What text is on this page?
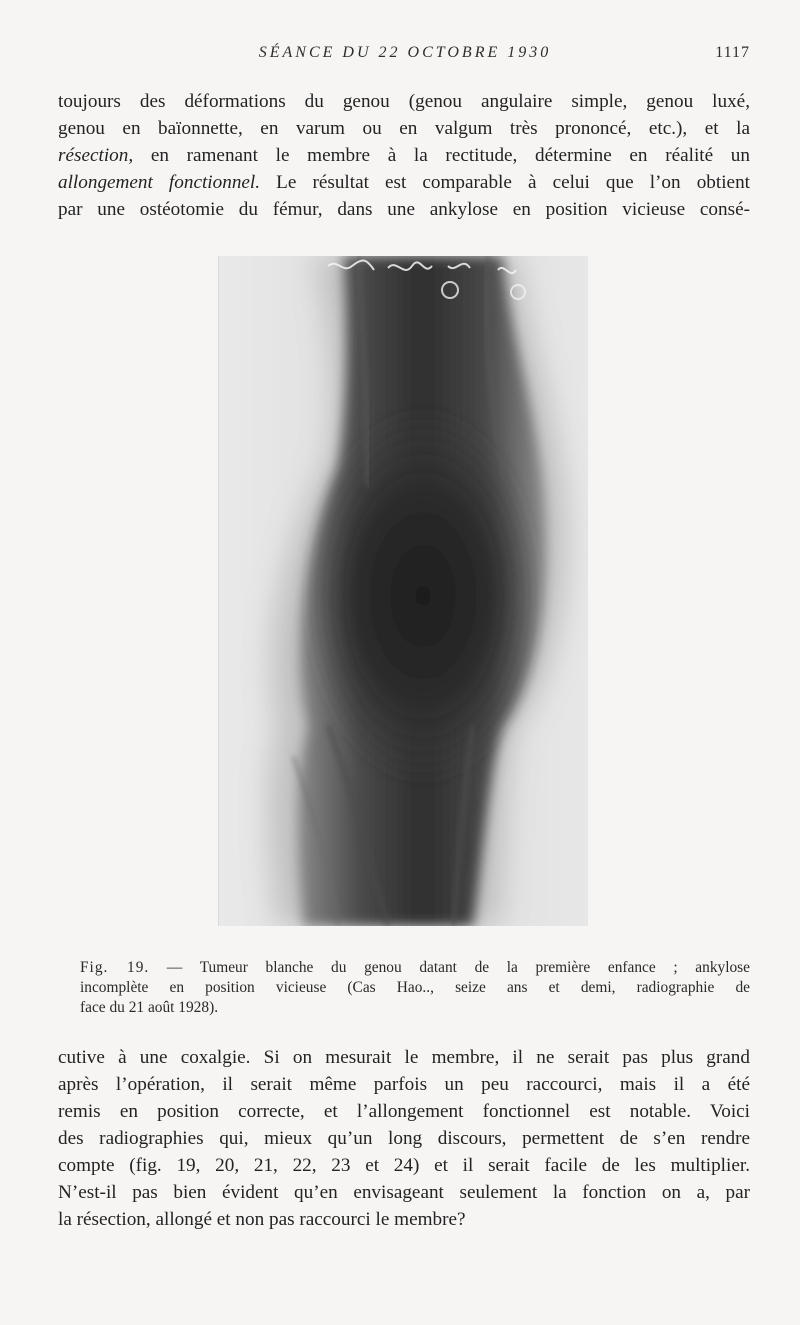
SÉANCE DU 22 OCTOBRE 1930	1117
toujours des déformations du genou (genou angulaire simple, genou luxé,
genou en baïonnette, en varum ou en valgum très prononcé, etc.), et la
résection, en ramenant le membre à la rectitude, détermine en réalité un
allongement fonctionnel. Le résultat est comparable à celui que l’on obtient
par une ostéotomie du fémur, dans une ankylose en position vicieuse consé-
Fig. 19. — Tumeur blanche du genou datant de la première enfance ; ankylose
incomplète en position vicieuse (Cas Hao.., seize ans et demi, radiographie de
face du 21 août 1928).
cutive à une coxalgie. Si on mesurait le membre, il ne serait pas plus grand
après l’opération, il serait même parfois un peu raccourci, mais il a été
remis en position correcte, et l’allongement fonctionnel est notable. Voici
des radiographies qui, mieux qu’un long discours, permettent de s’en rendre
compte (fig. 19, 20, 21, 22, 23 et 24) et il serait facile de les multiplier.
N’est-il pas bien évident qu’en envisageant seulement la fonction on a, par
la résection, allongé et non pas raccourci le membre?
